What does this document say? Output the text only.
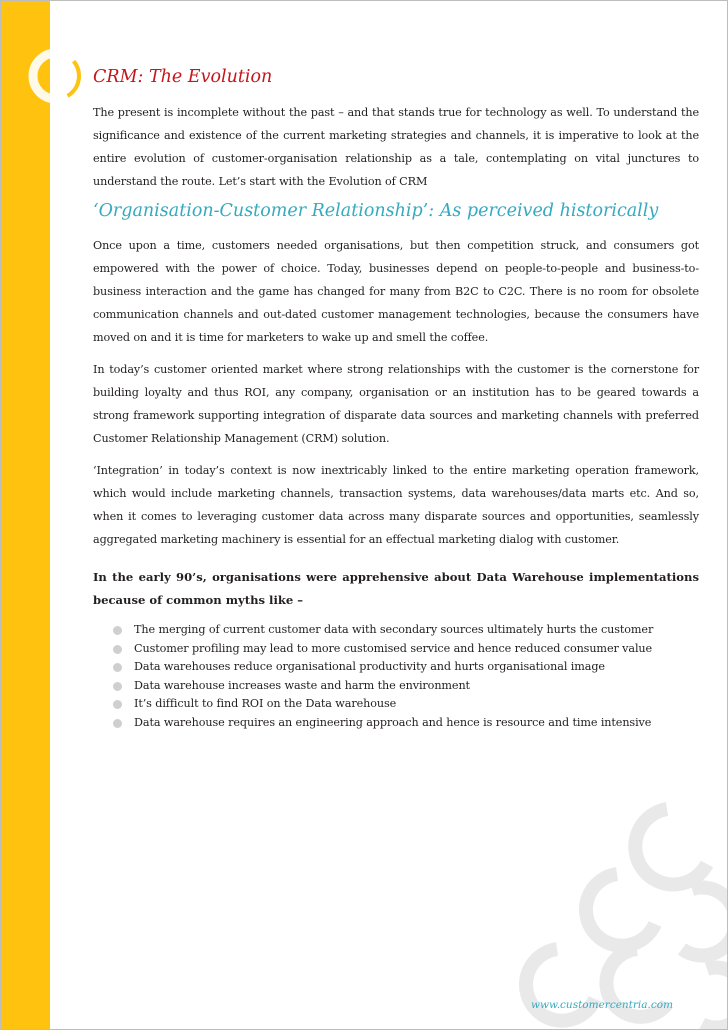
CRM: The Evolution

The present is incomplete without the past – and that stands true for technology as well. To understand the significance and existence of the current marketing strategies and channels, it is imperative to look at the entire evolution of customer-organisation relationship as a tale, contemplating on vital junctures to understand the route. Let’s start with the Evolution of CRM

‘Organisation-Customer Relationship’: As perceived historically

Once upon a time, customers needed organisations, but then competition struck, and consumers got empowered with the power of choice. Today, businesses depend on people-to-people and business-to-business interaction and the game has changed for many from B2C to C2C. There is no room for obsolete communication channels and out-dated customer management technologies, because the consumers have moved on and it is time for marketers to wake up and smell the coffee.

In today’s customer oriented market where strong relationships with the customer is the cornerstone for building loyalty and thus ROI, any company, organisation or an institution has to be geared towards a strong framework supporting integration of disparate data sources and marketing channels with preferred Customer Relationship Management (CRM) solution.

‘Integration’ in today’s context is now inextricably linked to the entire marketing operation framework, which would include marketing channels, transaction systems, data warehouses/data marts etc. And so, when it comes to leveraging customer data across many disparate sources and opportunities, seamlessly aggregated marketing machinery is essential for an effectual marketing dialog with customer.

In the early 90’s, organisations were apprehensive about Data Warehouse implementations because of common myths like –

The merging of current customer data with secondary sources ultimately hurts the customer
Customer profiling may lead to more customised service and hence reduced consumer value
Data warehouses reduce organisational productivity and hurts organisational image
Data warehouse increases waste and harm the environment
It’s difficult to find ROI on the Data warehouse
Data warehouse requires an engineering approach and hence is resource and time intensive
www.customercentria.com
